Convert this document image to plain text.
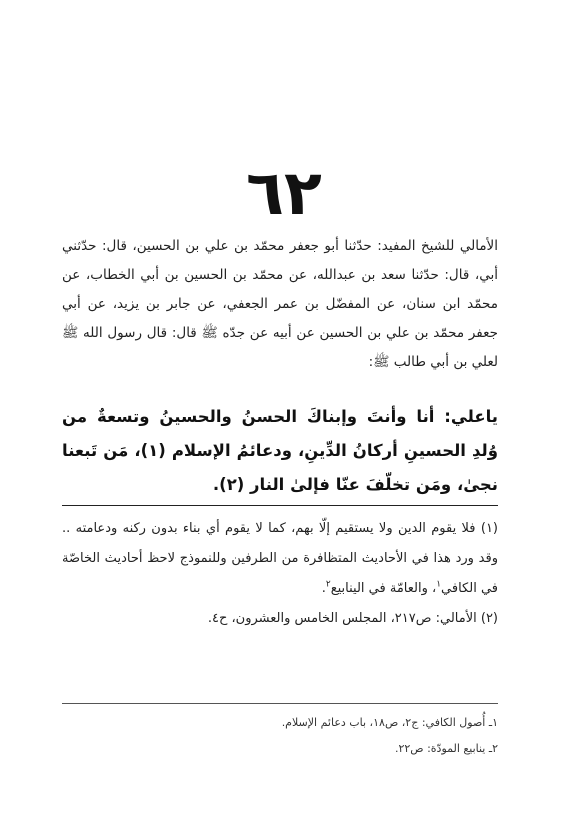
٦٢
الأمالي للشيخ المفيد: حدّثنا أبو جعفر محمّد بن علي بن الحسين، قال: حدّثني أبي، قال: حدّثنا سعد بن عبدالله، عن محمّد بن الحسين بن أبي الخطاب، عن محمّد ابن سنان، عن المفضّل بن عمر الجعفي، عن جابر بن يزيد، عن أبي جعفر محمّد بن علي بن الحسين عن أبيه عن جدّه ﷺ قال: قال رسول الله ﷺ لعلي بن أبي طالب ﷺ:
ياعلي: أنا وأنتَ وإبناكَ الحسنُ والحسينُ وتسعةٌ من وُلدِ الحسينِ أركانُ الدِّينِ، ودعائمُ الإسلام (١)، مَن تَبعنا نجىٰ، ومَن تخلّفَ عنّا فإلىٰ النار (٢).

(١) فلا يقوم الدين ولا يستقيم إلّا بهم، كما لا يقوم أي بناء بدون ركنه ودعامته .. وقد ورد هذا في الأحاديث المتظافرة من الطرفين وللنموذج لاحظ أحاديث الخاصّة في الكافي$^١$، والعامّة في الينابيع$^٢$.

(٢) الأمالي: ص٢١٧، المجلس الخامس والعشرون، ح٤.

١ـ أُصول الكافي: ج٢، ص١٨، باب دعائم الإسلام.

٢ـ ينابيع المودّة: ص٢٢.
